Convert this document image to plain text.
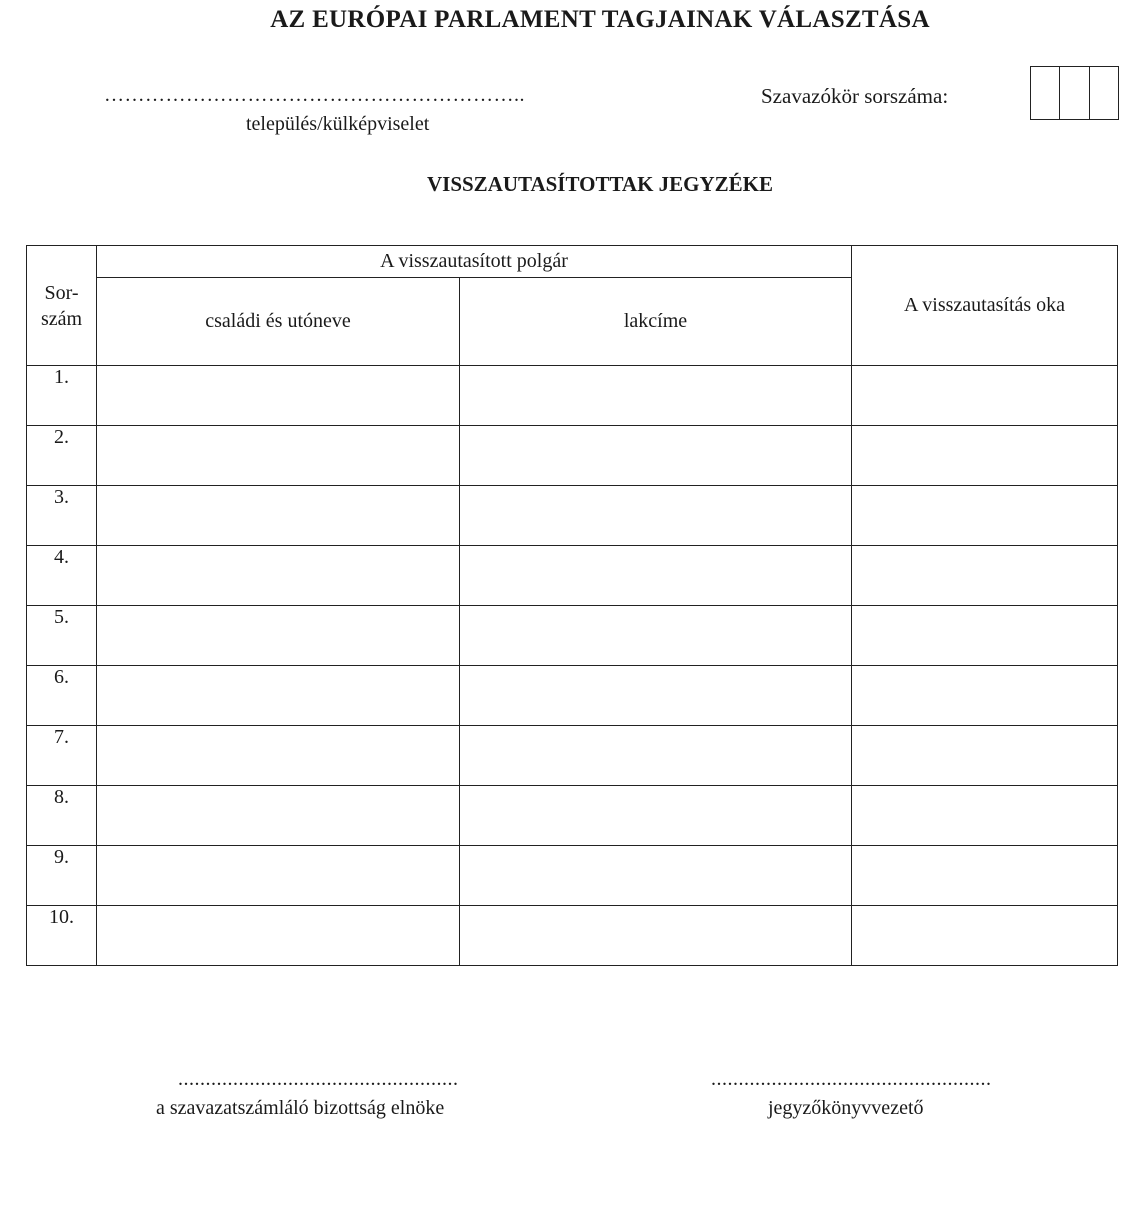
AZ EURÓPAI PARLAMENT TAGJAINAK VÁLASZTÁSA
……………………………………………………..
település/külképviselet
Szavazókör sorszáma:
VISSZAUTASÍTOTTAK JEGYZÉKE
Sor-
szám	A visszautasított polgár		A visszautasítás oka
	családi és utóneve	lakcíme	
1.			
2.			
3.			
4.			
5.			
6.			
7.			
8.			
9.			
10.			
...................................................
a szavazatszámláló bizottság elnöke
...................................................
jegyzőkönyvvezető
